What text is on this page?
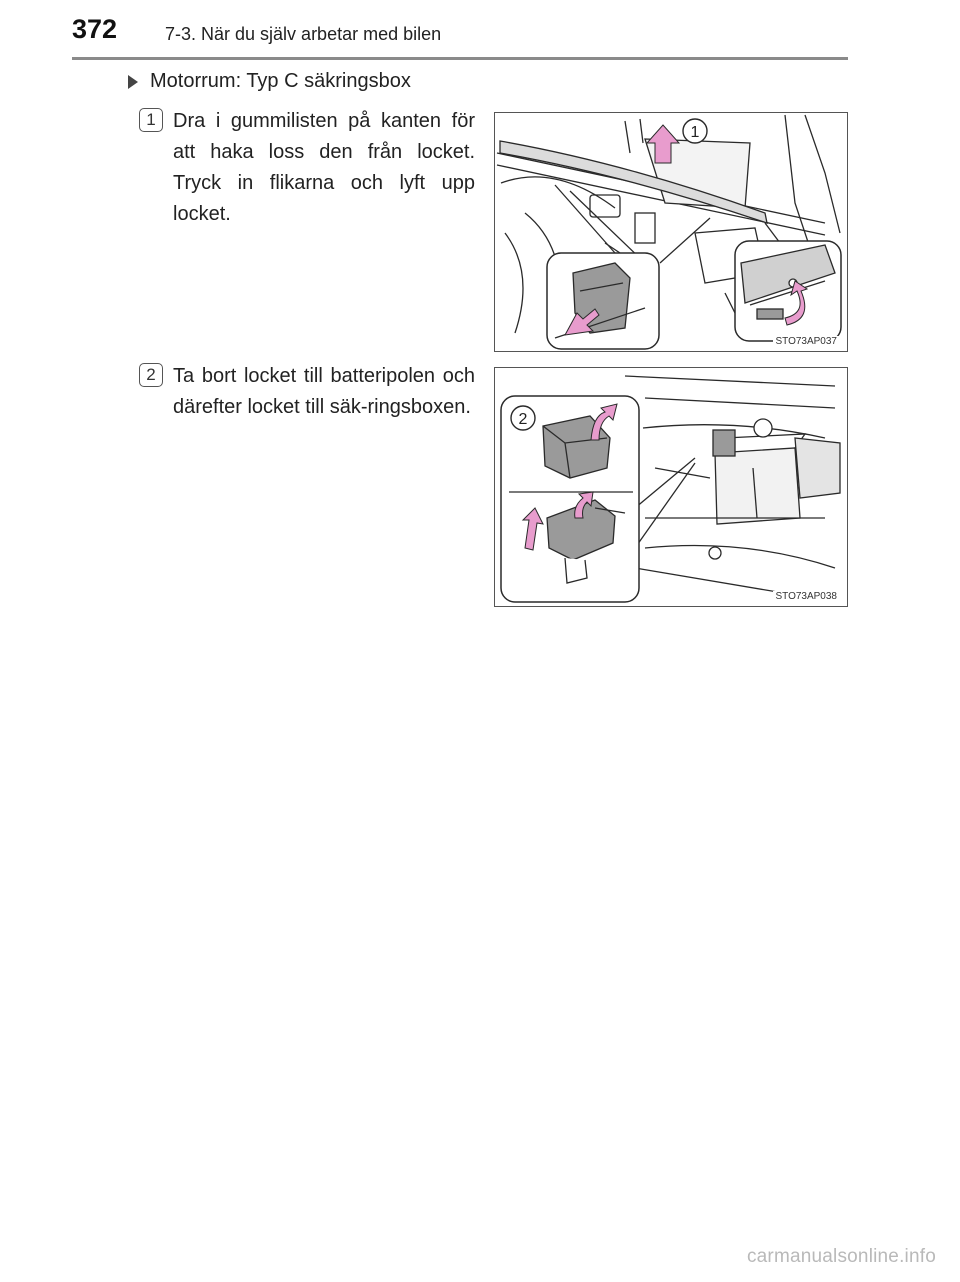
372	7-3. När du själv arbetar med bilen
Motorrum: Typ C säkringsbox
1 Dra i gummilisten på kanten för att haka loss den från locket. Tryck in flikarna och lyft upp locket.
1
STO73AP037
2 Ta bort locket till batteripolen och därefter locket till säk-ringsboxen.
2
STO73AP038
carmanualsonline.info
